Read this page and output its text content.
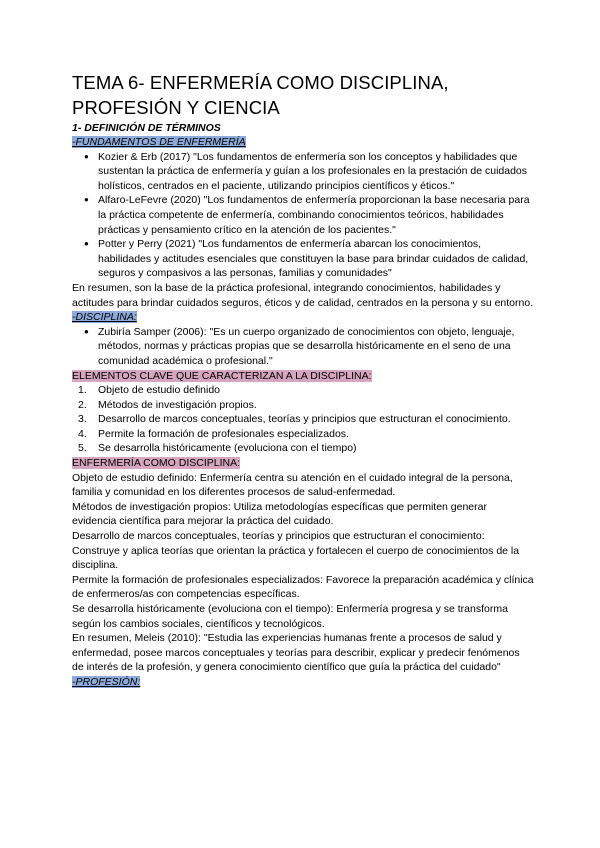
TEMA 6- ENFERMERÍA COMO DISCIPLINA, PROFESIÓN Y CIENCIA

1- DEFINICIÓN DE TÉRMINOS

-FUNDAMENTOS DE ENFERMERÍA

● Kozier & Erb (2017) "Los fundamentos de enfermería son los conceptos y habilidades que sustentan la práctica de enfermería y guían a los profesionales en la prestación de cuidados holísticos, centrados en el paciente, utilizando principios científicos y éticos."
● Alfaro-LeFevre (2020) "Los fundamentos de enfermería proporcionan la base necesaria para la práctica competente de enfermería, combinando conocimientos teóricos, habilidades prácticas y pensamiento crítico en la atención de los pacientes."
● Potter y Perry (2021) "Los fundamentos de enfermería abarcan los conocimientos, habilidades y actitudes esenciales que constituyen la base para brindar cuidados de calidad, seguros y compasivos a las personas, familias y comunidades"

En resumen, son la base de la práctica profesional, integrando conocimientos, habilidades y actitudes para brindar cuidados seguros, éticos y de calidad, centrados en la persona y su entorno.

-DISCIPLINA:

● Zubiría Samper (2006): "Es un cuerpo organizado de conocimientos con objeto, lenguaje, métodos, normas y prácticas propias que se desarrolla históricamente en el seno de una comunidad académica o profesional."

ELEMENTOS CLAVE QUE CARACTERIZAN A LA DISCIPLINA:

Objeto de estudio definido
Métodos de investigación propios.
Desarrollo de marcos conceptuales, teorías y principios que estructuran el conocimiento.
Permite la formación de profesionales especializados.
Se desarrolla históricamente (evoluciona con el tiempo)

ENFERMERÍA COMO DISCIPLINA:

Objeto de estudio definido: Enfermería centra su atención en el cuidado integral de la persona, familia y comunidad en los diferentes procesos de salud-enfermedad.

Métodos de investigación propios: Utiliza metodologías específicas que permiten generar evidencia científica para mejorar la práctica del cuidado.

Desarrollo de marcos conceptuales, teorías y principios que estructuran el conocimiento: Construye y aplica teorías que orientan la práctica y fortalecen el cuerpo de conocimientos de la disciplina.

Permite la formación de profesionales especializados: Favorece la preparación académica y clínica de enfermeros/as con competencias específicas.

Se desarrolla históricamente (evoluciona con el tiempo): Enfermería progresa y se transforma según los cambios sociales, científicos y tecnológicos.

En resumen, Meleis (2010): "Estudia las experiencias humanas frente a procesos de salud y enfermedad, posee marcos conceptuales y teorías para describir, explicar y predecir fenómenos de interés de la profesión, y genera conocimiento científico que guía la práctica del cuidado"

-PROFESIÓN:
